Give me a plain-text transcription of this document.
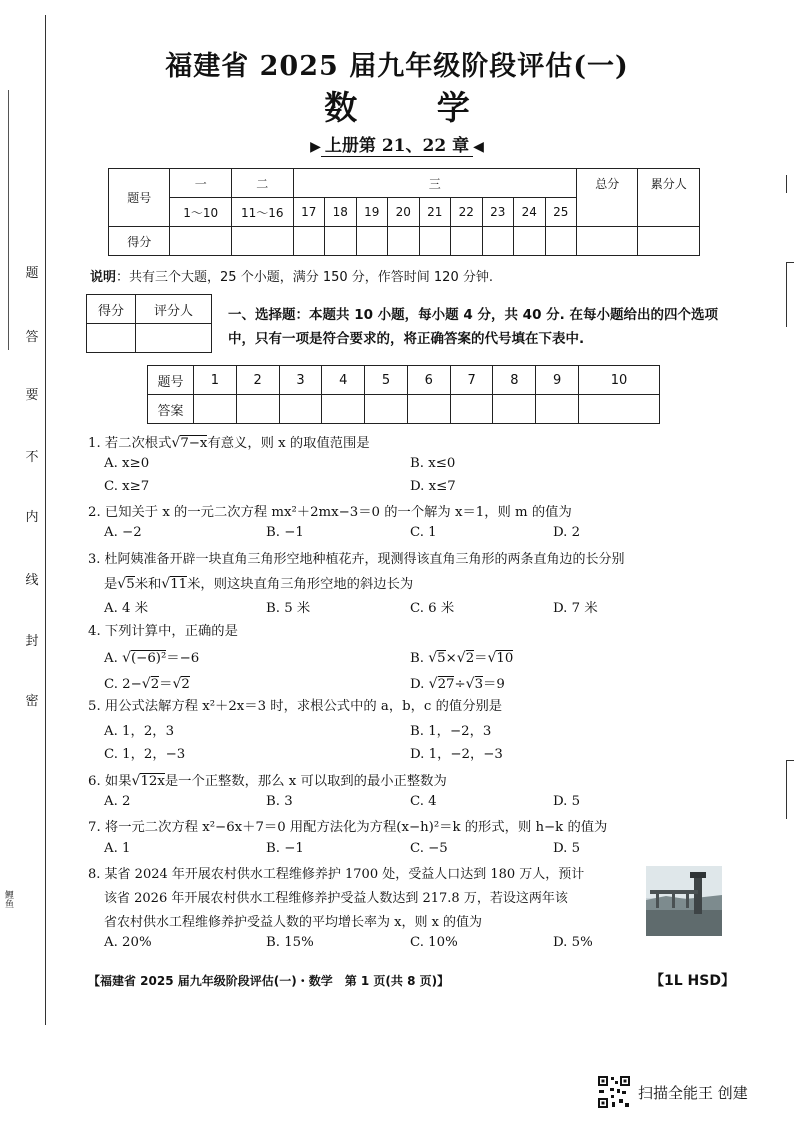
题
答
要
不
内
线
封
密
鲤鱼
福建省 2025 届九年级阶段评估(一)
数 学
▶ 上册第 21、22 章 ◀
题号	一	二	三									总分	累分人
	1～10	11～16	17	18	19	20	21	22	23	24	25		
得分													
说明：共有三个大题，25 个小题，满分 150 分，作答时间 120 分钟.
得分	评分人
		一、选择题：本题共 10 小题，每小题 4 分，共 40 分. 在每小题给出的四个选项中，只有一项是符合要求的，将正确答案的代号填在下表中.
题号	1	2	3	4	5	6	7	8	9	10
答案										
1. 若二次根式√7−x有意义，则 x 的取值范围是
A. x≥0	B. x≤0
C. x≥7	D. x≤7
2. 已知关于 x 的一元二次方程 mx²＋2mx−3＝0 的一个解为 x＝1，则 m 的值为
A. −2	B. −1	C. 1	D. 2
3. 杜阿姨准备开辟一块直角三角形空地种植花卉，现测得该直角三角形的两条直角边的长分别
是√5米和√11米，则这块直角三角形空地的斜边长为
A. 4 米	B. 5 米	C. 6 米	D. 7 米
4. 下列计算中，正确的是
A. √(−6)²＝−6	B. √5×√2＝√10
C. 2−√2＝√2	D. √27÷√3＝9
5. 用公式法解方程 x²＋2x＝3 时，求根公式中的 a，b，c 的值分别是
A. 1，2，3	B. 1，−2，3
C. 1，2，−3	D. 1，−2，−3
6. 如果√12x是一个正整数，那么 x 可以取到的最小正整数为
A. 2	B. 3	C. 4	D. 5
7. 将一元二次方程 x²−6x＋7＝0 用配方法化为方程(x−h)²＝k 的形式，则 h−k 的值为
A. 1	B. −1	C. −5	D. 5
8. 某省 2024 年开展农村供水工程维修养护 1700 处，受益人口达到 180 万人，预计
该省 2026 年开展农村供水工程维修养护受益人数达到 217.8 万，若设这两年该
省农村供水工程维修养护受益人数的平均增长率为 x，则 x 的值为
A. 20%	B. 15%	C. 10%	D. 5%
【福建省 2025 届九年级阶段评估(一)・数学　第 1 页(共 8 页)】	【1L HSD】
扫描全能王 创建
